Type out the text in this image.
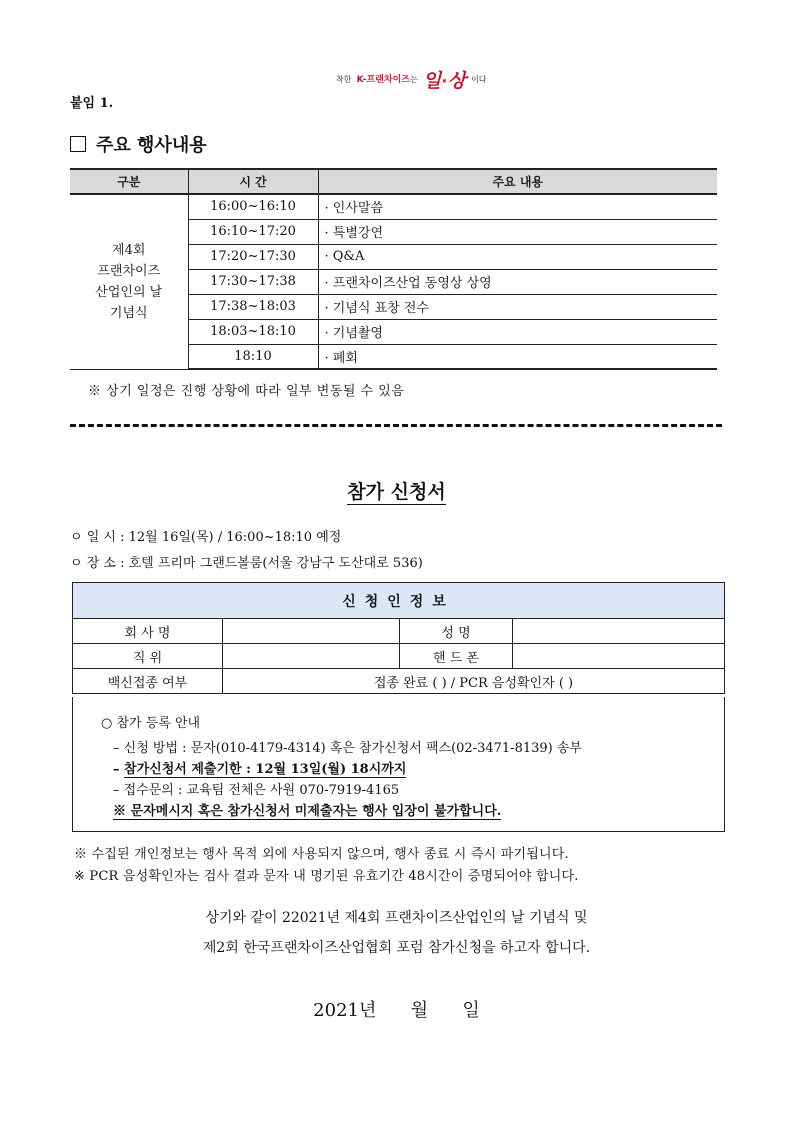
$^{착한}$ $^{K-프랜차이즈는}$ 일·상 $^{이다}$
붙임 1.
주요 행사내용
구분	시 간	주요 내용

제4회
프랜차이즈
산업인의 날
기념식	16:00~16:10	· 인사말씀
	16:10~17:20	· 특별강연
	17:20~17:30	· Q&A
	17:30~17:38	· 프랜차이즈산업 동영상 상영
	17:38~18:03	· 기념식 표창 전수
	18:03~18:10	· 기념촬영
	18:10	· 폐회
※ 상기 일정은 진행 상황에 따라 일부 변동될 수 있음
참가 신청서
ㅇ 일 시 : 12월 16일(목) / 16:00~18:10 예정
ㅇ 장 소 : 호텔 프리마 그랜드볼룸(서울 강남구 도산대로 536)
신청인정보			
회 사 명		성 명	
직 위		핸 드 폰	
백신접종 여부	접종 완료 ( ) / PCR 음성확인자 ( )		
○ 참가 등록 안내
– 신청 방법 : 문자(010-4179-4314) 혹은 참가신청서 팩스(02-3471-8139) 송부
– 참가신청서 제출기한 : 12월 13일(월) 18시까지
– 접수문의 : 교육팀 전체은 사원 070-7919-4165
※ 문자메시지 혹은 참가신청서 미제출자는 행사 입장이 불가합니다.
※ 수집된 개인정보는 행사 목적 외에 사용되지 않으며, 행사 종료 시 즉시 파기됩니다.
※ PCR 음성확인자는 검사 결과 문자 내 명기된 유효기간 48시간이 증명되어야 합니다.
상기와 같이 22021년 제4회 프랜차이즈산업인의 날 기념식 및
제2회 한국프랜차이즈산업협회 포럼 참가신청을 하고자 합니다.
2021년      월      일
